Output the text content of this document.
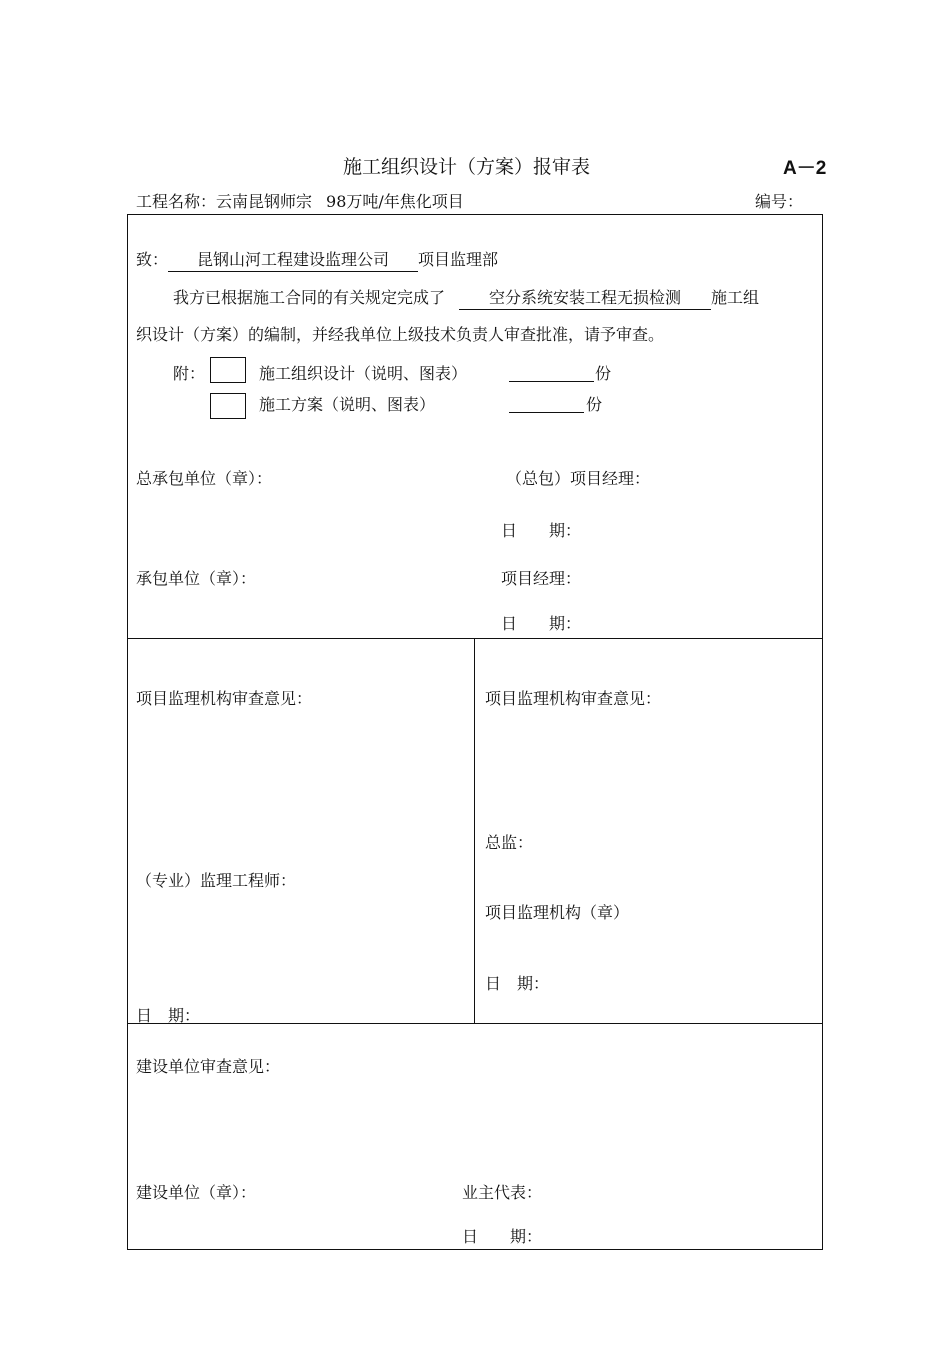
施工组织设计（方案）报审表	A－2
工程名称：云南昆钢师宗 98万吨/年焦化项目	编号：
致： 昆钢山河工程建设监理公司 项目监理部
我方已根据施工合同的有关规定完成了	空分系统安装工程无损检测 施工组
织设计（方案）的编制，并经我单位上级技术负责人审查批准，请予审查。
附：	施工组织设计（说明、图表）	份
施工方案（说明、图表）	份
总承包单位（章）：	（总包）项目经理：
日　　期：
承包单位（章）：	项目经理：
日　　期：
项目监理机构审查意见：
（专业）监理工程师：
日　期：
项目监理机构审查意见：
总监：
项目监理机构（章）
日　期：
建设单位审查意见：
建设单位（章）：	业主代表：
日　　期：
